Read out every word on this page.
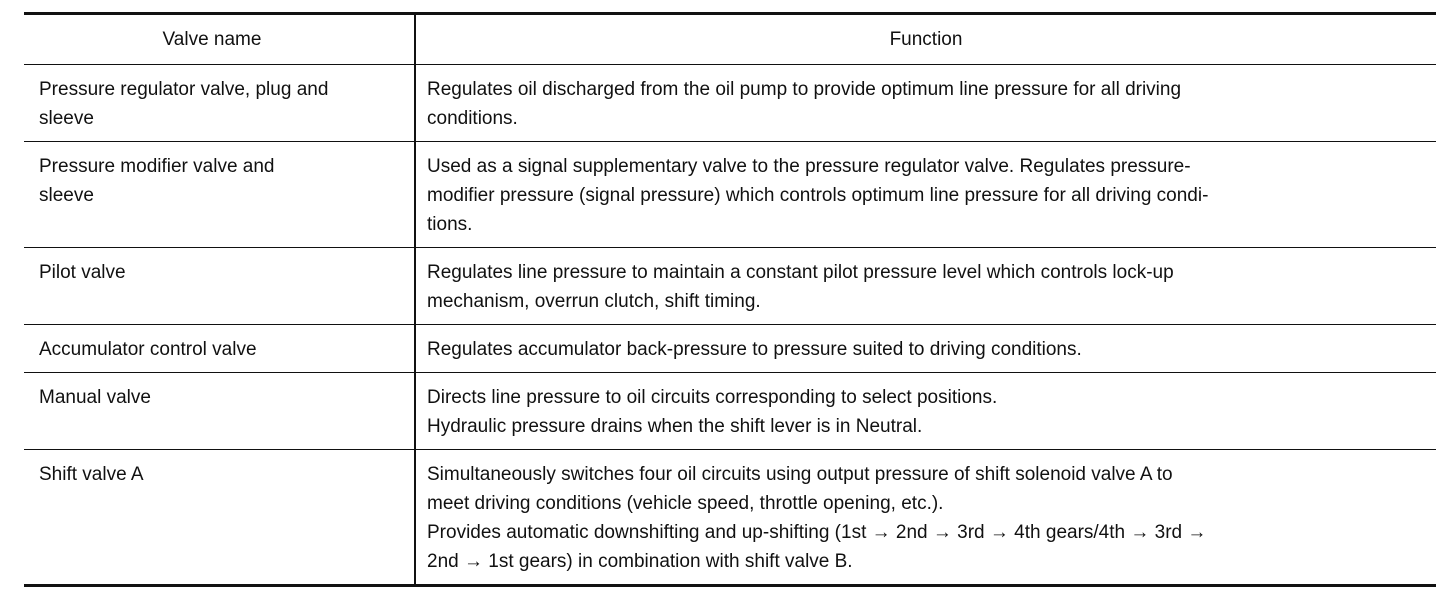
Valve name	Function

Pressure regulator valve, plug and
sleeve	Regulates oil discharged from the oil pump to provide optimum line pressure for all driving
conditions.

Pressure modifier valve and
sleeve	Used as a signal supplementary valve to the pressure regulator valve. Regulates pressure-
modifier pressure (signal pressure) which controls optimum line pressure for all driving condi-
tions.

Pilot valve	Regulates line pressure to maintain a constant pilot pressure level which controls lock-up
mechanism, overrun clutch, shift timing.

Accumulator control valve	Regulates accumulator back-pressure to pressure suited to driving conditions.

Manual valve	Directs line pressure to oil circuits corresponding to select positions.
Hydraulic pressure drains when the shift lever is in Neutral.

Shift valve A	Simultaneously switches four oil circuits using output pressure of shift solenoid valve A to
meet driving conditions (vehicle speed, throttle opening, etc.).
Provides automatic downshifting and up-shifting (1st → 2nd → 3rd → 4th gears/4th → 3rd →
2nd → 1st gears) in combination with shift valve B.
